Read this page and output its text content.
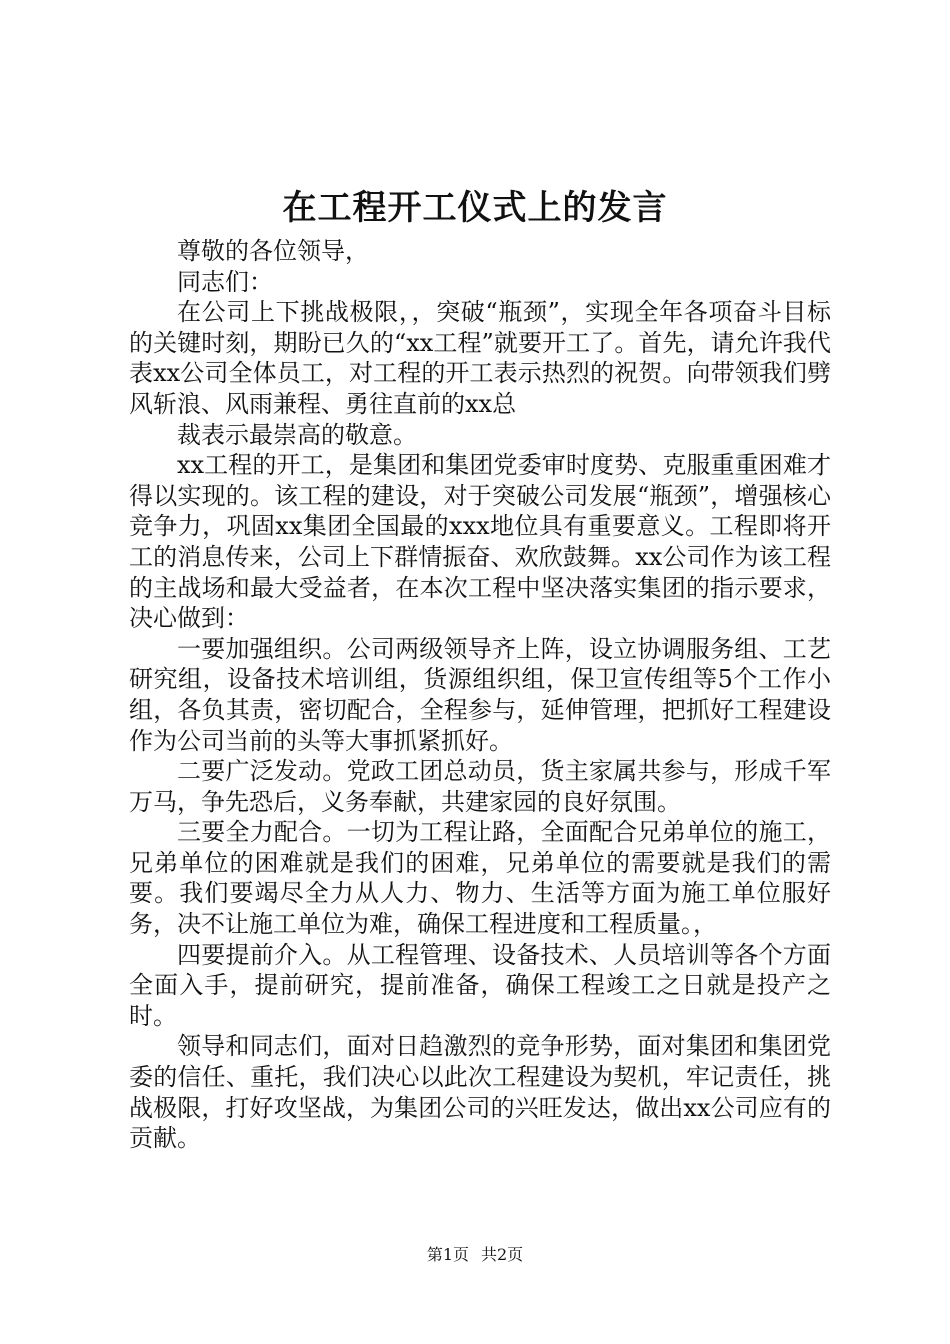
在工程开工仪式上的发言

尊敬的各位领导，

同志们：

在公司上下挑战极限，，突破“瓶颈”，实现全年各项奋斗目标的关键时刻，期盼已久的“xx工程”就要开工了。首先，请允许我代表xx公司全体员工，对工程的开工表示热烈的祝贺。向带领我们劈风斩浪、风雨兼程、勇往直前的xx总

裁表示最崇高的敬意。

xx工程的开工，是集团和集团党委审时度势、克服重重困难才得以实现的。该工程的建设，对于突破公司发展“瓶颈”，增强核心竞争力，巩固xx集团全国最的xxx地位具有重要意义。工程即将开工的消息传来，公司上下群情振奋、欢欣鼓舞。xx公司作为该工程的主战场和最大受益者，在本次工程中坚决落实集团的指示要求，决心做到：

一要加强组织。公司两级领导齐上阵，设立协调服务组、工艺研究组，设备技术培训组，货源组织组，保卫宣传组等5个工作小组，各负其责，密切配合，全程参与，延伸管理，把抓好工程建设作为公司当前的头等大事抓紧抓好。

二要广泛发动。党政工团总动员，货主家属共参与，形成千军万马，争先恐后，义务奉献，共建家园的良好氛围。

三要全力配合。一切为工程让路，全面配合兄弟单位的施工，兄弟单位的困难就是我们的困难，兄弟单位的需要就是我们的需要。我们要竭尽全力从人力、物力、生活等方面为施工单位服好务，决不让施工单位为难，确保工程进度和工程质量。，

四要提前介入。从工程管理、设备技术、人员培训等各个方面全面入手，提前研究，提前准备，确保工程竣工之日就是投产之时。

领导和同志们，面对日趋激烈的竞争形势，面对集团和集团党委的信任、重托，我们决心以此次工程建设为契机，牢记责任，挑战极限，打好攻坚战，为集团公司的兴旺发达，做出xx公司应有的贡献。

第1页 共2页
